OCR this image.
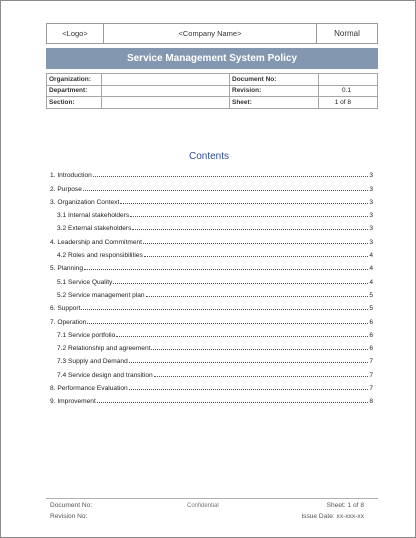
<Logo>	<Company Name>	Normal
Service Management System Policy
Organization:		Document No:	
Department:		Revision:	0.1
Section:		Sheet:	1 of 8
Contents
1. Introduction	3
2. Purpose	3
3. Organization Context	3
3.1 Internal stakeholders	3
3.2 External stakeholders	3
4. Leadership and Commitment	3
4.2 Roles and responsibilities	4
5. Planning	4
5.1 Service Quality	4
5.2 Service management plan	5
6. Support	5
7. Operation	6
7.1 Service portfolio	6
7.2 Relationship and agreement	6
7.3 Supply and Demand	7
7.4 Service design and transition	7
8. Performance Evaluation	7
9. Improvement	8
Document No:
Revision No:
Confidential	Sheet: 1 of 8
Issue Date: xx-xxx-xx
